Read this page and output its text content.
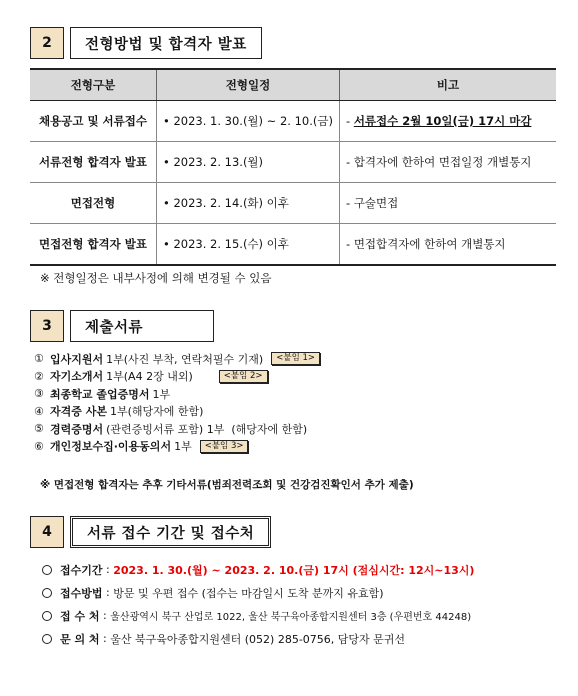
2	전형방법 및 합격자 발표
전형구분	전형일정	비고
채용공고 및 서류접수	• 2023. 1. 30.(월) ~ 2. 10.(금)	- 서류접수 2월 10일(금) 17시 마감
서류전형 합격자 발표	• 2023. 2. 13.(월)	- 합격자에 한하여 면접일정 개별통지
면접전형	• 2023. 2. 14.(화) 이후	- 구술면접
면접전형 합격자 발표	• 2023. 2. 15.(수) 이후	- 면접합격자에 한하여 개별통지
※ 전형일정은 내부사정에 의해 변경될 수 있음
3	제출서류
① 입사지원서 1부(사진 부착, 연락처필수 기재)	<붙임 1>
② 자기소개서 1부(A4 2장 내외)	<붙임 2>
③ 최종학교 졸업증명서 1부
④ 자격증 사본 1부(해당자에 한함)
⑤ 경력증명서 (관련증빙서류 포함) 1부  (해당자에 한함)
⑥ 개인정보수집·이용동의서 1부	<붙임 3>
※ 면접전형 합격자는 추후 기타서류(범죄전력조회 및 건강검진확인서 추가 제출)
4	서류 접수 기간 및 접수처
접수기간 : 2023. 1. 30.(월) ~ 2023. 2. 10.(금) 17시 (점심시간: 12시~13시)
접수방법 : 방문 및 우편 접수 (접수는 마감일시 도착 분까지 유효함)
접 수 처 : 울산광역시 북구 산업로 1022, 울산 북구육아종합지원센터 3층 (우편번호 44248)
문 의 처 : 울산 북구육아종합지원센터 (052) 285-0756, 담당자 문귀선
